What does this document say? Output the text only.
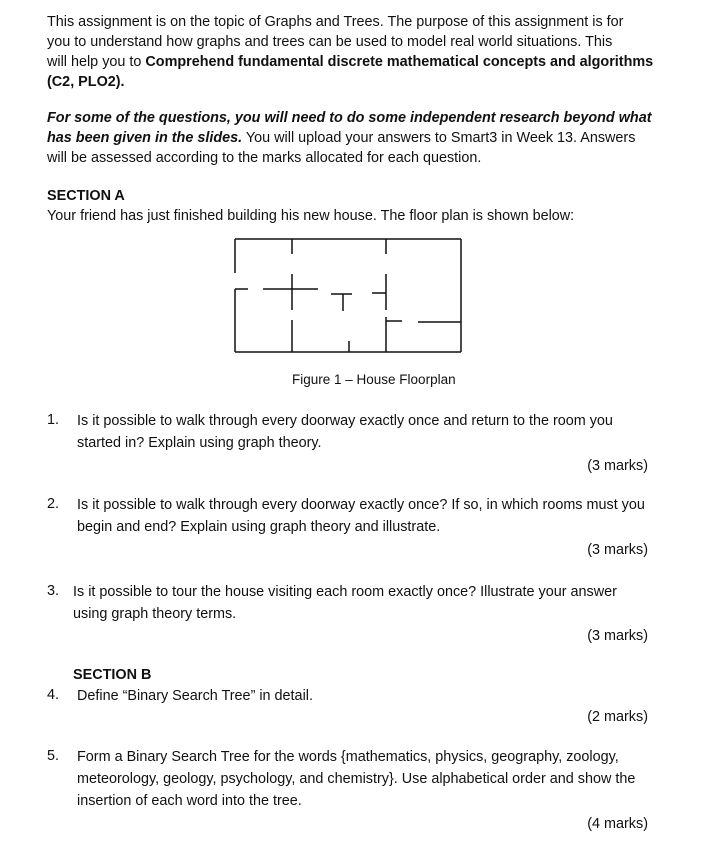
This assignment is on the topic of Graphs and Trees. The purpose of this assignment is for
you to understand how graphs and trees can be used to model real world situations. This
will help you to Comprehend fundamental discrete mathematical concepts and algorithms
(C2, PLO2).
For some of the questions, you will need to do some independent research beyond what
has been given in the slides. You will upload your answers to Smart3 in Week 13. Answers
will be assessed according to the marks allocated for each question.
SECTION A
Your friend has just finished building his new house. The floor plan is shown below:
Figure 1 – House Floorplan
1. Is it possible to walk through every doorway exactly once and return to the room you started in? Explain using graph theory.
(3 marks)
2. Is it possible to walk through every doorway exactly once? If so, in which rooms must you begin and end? Explain using graph theory and illustrate.
(3 marks)
3. Is it possible to tour the house visiting each room exactly once? Illustrate your answer using graph theory terms.
(3 marks)
SECTION B
4. Define “Binary Search Tree” in detail.
(2 marks)
5. Form a Binary Search Tree for the words {mathematics, physics, geography, zoology, meteorology, geology, psychology, and chemistry}. Use alphabetical order and show the insertion of each word into the tree.
(4 marks)
